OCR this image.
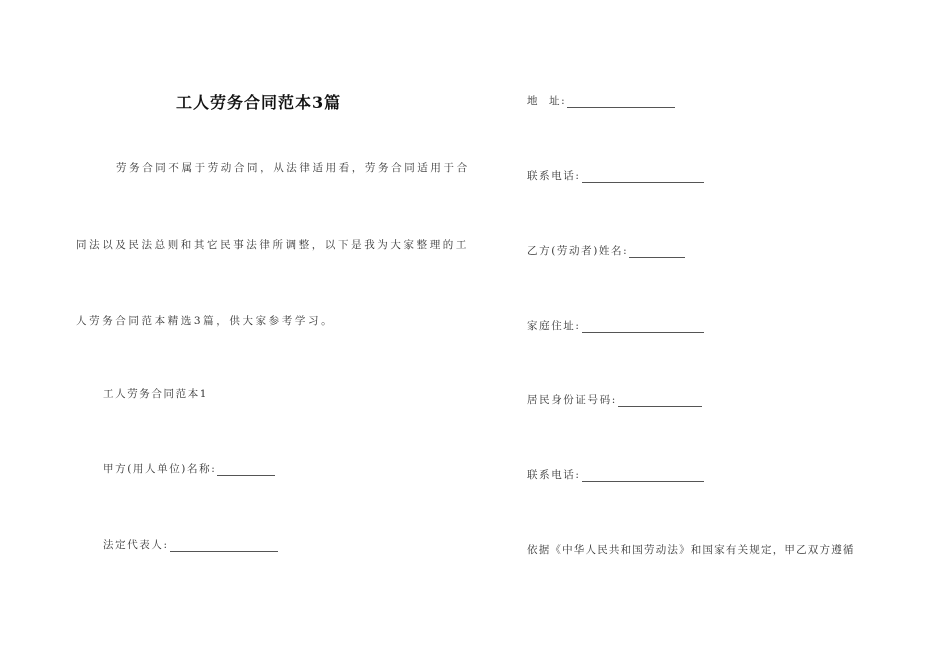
工人劳务合同范本3篇
劳务合同不属于劳动合同，从法律适用看，劳务合同适用于合
同法以及民法总则和其它民事法律所调整，以下是我为大家整理的工
人劳务合同范本精选3篇，供大家参考学习。
工人劳务合同范本1
甲方(用人单位)名称:
法定代表人:
地  址:
联系电话:
乙方(劳动者)姓名:
家庭住址:
居民身份证号码:
联系电话:
依据《中华人民共和国劳动法》和国家有关规定，甲乙双方遵循
